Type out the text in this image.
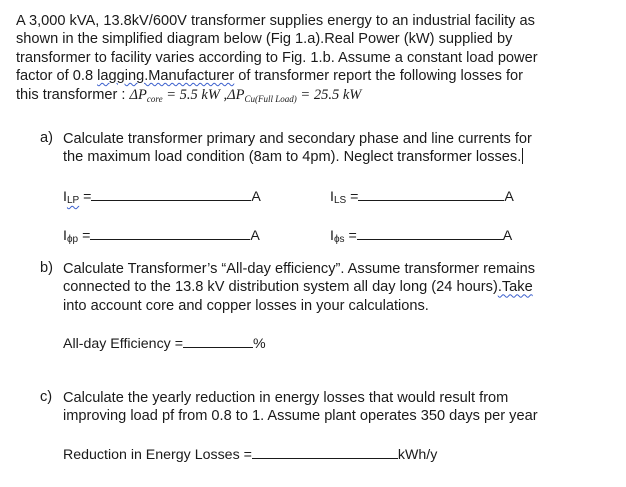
A 3,000 kVA, 13.8kV/600V transformer supplies energy to an industrial facility as
shown in the simplified diagram below (Fig 1.a).Real Power (kW) supplied by
transformer to facility varies according to Fig. 1.b. Assume a constant load power
factor of 0.8 lagging.Manufacturer of transformer report the following losses for
this transformer : $\Delta P_{core} = 5.5$ kW $,\Delta P_{Cu(Full Load)} = 25.5$ kW
a) Calculate transformer primary and secondary phase and line currents for
the maximum load condition (8am to 4pm). Neglect transformer losses.
$I_{LP}$ =	A	$I_{LS}$ =	A
$I_{\phi p}$ =	A	$I_{\phi s}$ =	A
b) Calculate Transformer’s “All-day efficiency”. Assume transformer remains
connected to the 13.8 kV distribution system all day long (24 hours).Take
into account core and copper losses in your calculations.
All-day Efficiency =	%
c) Calculate the yearly reduction in energy losses that would result from
improving load pf from 0.8 to 1. Assume plant operates 350 days per year
Reduction in Energy Losses =	kWh/y
